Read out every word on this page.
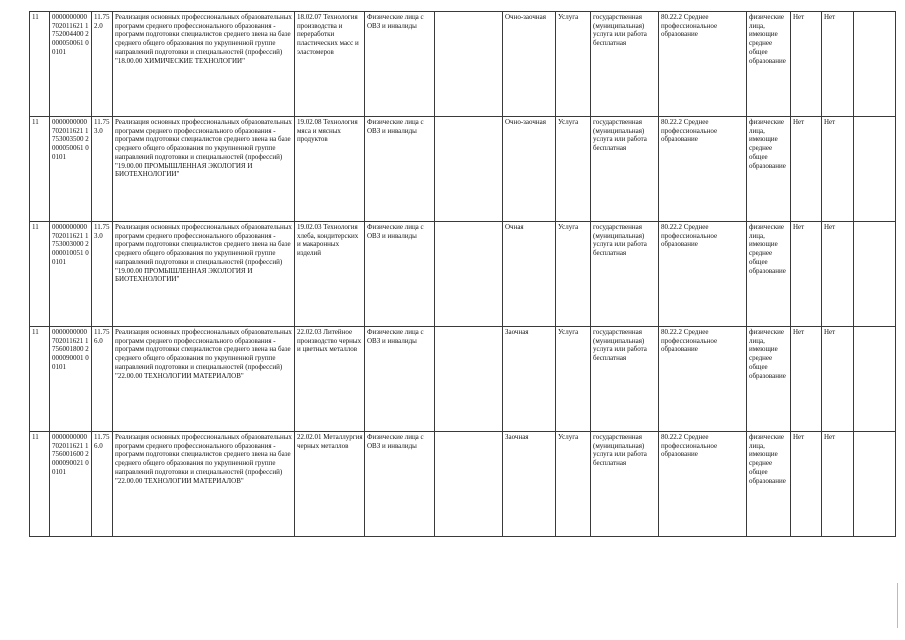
11	0000000000702011621 1752004400 2000050061 00101	11.752.0	Реализация основных профессиональных образовательных программ среднего профессионального образования - программ подготовки специалистов среднего звена на базе среднего общего образования по укрупненной группе направлений подготовки и специальностей (профессий) "18.00.00 ХИМИЧЕСКИЕ ТЕХНОЛОГИИ"	18.02.07 Технология производства и переработки пластических масс и эластомеров	Физические лица с ОВЗ и инвалиды		Очно-заочная	Услуга	государственная (муниципальная) услуга или работа бесплатная	80.22.2 Среднее профессиональное образование	физические лица, имеющие среднее общее образование	Нет	Нет	
11	0000000000702011621 1753003500 2000050061 00101	11.753.0	Реализация основных профессиональных образовательных программ среднего профессионального образования - программ подготовки специалистов среднего звена на базе среднего общего образования по укрупненной группе направлений подготовки и специальностей (профессий) "19.00.00 ПРОМЫШЛЕННАЯ ЭКОЛОГИЯ И БИОТЕХНОЛОГИИ"	19.02.08 Технология мяса и мясных продуктов	Физические лица с ОВЗ и инвалиды		Очно-заочная	Услуга	государственная (муниципальная) услуга или работа бесплатная	80.22.2 Среднее профессиональное образование	физические лица, имеющие среднее общее образование	Нет	Нет	
11	0000000000702011621 1753003000 2000010051 00101	11.753.0	Реализация основных профессиональных образовательных программ среднего профессионального образования - программ подготовки специалистов среднего звена на базе среднего общего образования по укрупненной группе направлений подготовки и специальностей (профессий) "19.00.00 ПРОМЫШЛЕННАЯ ЭКОЛОГИЯ И БИОТЕХНОЛОГИИ"	19.02.03 Технология хлеба, кондитерских и макаронных изделий	Физические лица с ОВЗ и инвалиды		Очная	Услуга	государственная (муниципальная) услуга или работа бесплатная	80.22.2 Среднее профессиональное образование	физические лица, имеющие среднее общее образование	Нет	Нет	
11	0000000000702011621 1756001800 2000090001 00101	11.756.0	Реализация основных профессиональных образовательных программ среднего профессионального образования - программ подготовки специалистов среднего звена на базе среднего общего образования по укрупненной группе направлений подготовки и специальностей (профессий) "22.00.00 ТЕХНОЛОГИИ МАТЕРИАЛОВ"	22.02.03 Литейное производство черных и цветных металлов	Физические лица с ОВЗ и инвалиды		Заочная	Услуга	государственная (муниципальная) услуга или работа бесплатная	80.22.2 Среднее профессиональное образование	физические лица, имеющие среднее общее образование	Нет	Нет	
11	0000000000702011621 1756001600 2000090021 00101	11.756.0	Реализация основных профессиональных образовательных программ среднего профессионального образования - программ подготовки специалистов среднего звена на базе среднего общего образования по укрупненной группе направлений подготовки и специальностей (профессий) "22.00.00 ТЕХНОЛОГИИ МАТЕРИАЛОВ"	22.02.01 Металлургия черных металлов	Физические лица с ОВЗ и инвалиды		Заочная	Услуга	государственная (муниципальная) услуга или работа бесплатная	80.22.2 Среднее профессиональное образование	физические лица, имеющие среднее общее образование	Нет	Нет	
